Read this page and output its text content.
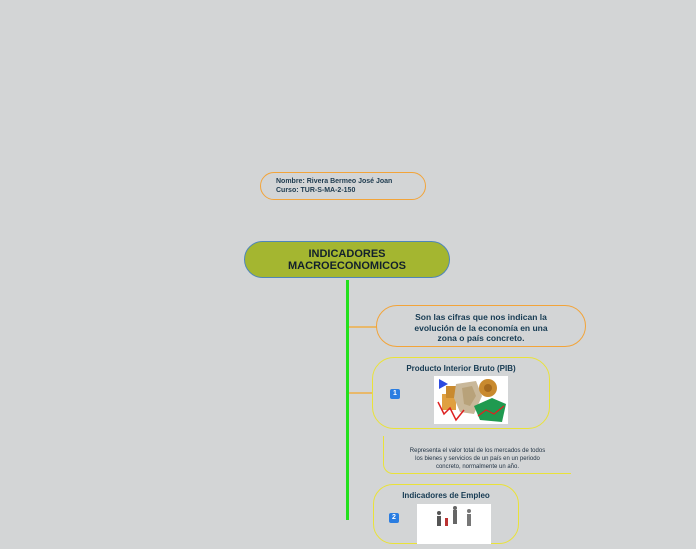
Nombre: Rivera Bermeo José Joan
Curso: TUR-S-MA-2-150
INDICADORES
MACROECONOMICOS
Son las cifras que nos indican la
evolución de la economía en una
zona o país concreto.
Producto Interior Bruto (PIB)
1
Representa el valor total de los mercados de todos
los bienes y servicios de un país en un periodo
concreto, normalmente un año.
Indicadores de Empleo
2
